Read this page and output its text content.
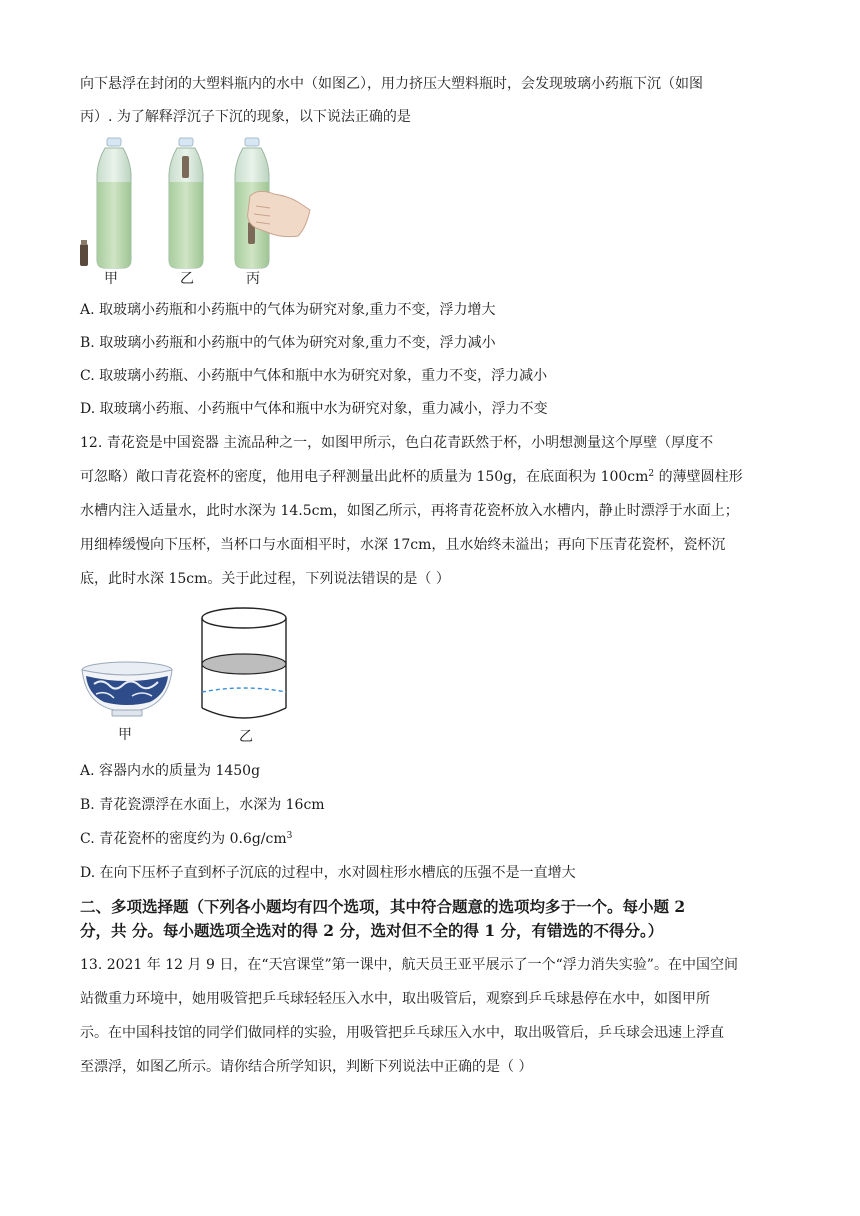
向下悬浮在封闭的大塑料瓶内的水中（如图乙），用力挤压大塑料瓶时，会发现玻璃小药瓶下沉（如图
丙）. 为了解释浮沉子下沉的现象，以下说法正确的是
甲	乙	丙
A. 取玻璃小药瓶和小药瓶中的气体为研究对象,重力不变，浮力增大
B. 取玻璃小药瓶和小药瓶中的气体为研究对象,重力不变，浮力减小
C. 取玻璃小药瓶、小药瓶中气体和瓶中水为研究对象，重力不变，浮力减小
D. 取玻璃小药瓶、小药瓶中气体和瓶中水为研究对象，重力减小，浮力不变
12. 青花瓷是中国瓷器 主流品种之一，如图甲所示，色白花青跃然于杯，小明想测量这个厚壁（厚度不
可忽略）敞口青花瓷杯的密度，他用电子秤测量出此杯的质量为 150g，在底面积为 $100cm^2$ 的薄壁圆柱形
水槽内注入适量水，此时水深为 14.5cm，如图乙所示，再将青花瓷杯放入水槽内，静止时漂浮于水面上；
用细棒缓慢向下压杯，当杯口与水面相平时，水深 17cm，且水始终未溢出；再向下压青花瓷杯，瓷杯沉
底，此时水深 15cm。关于此过程，下列说法错误的是（ ）
甲	乙
A. 容器内水的质量为 1450g
B. 青花瓷漂浮在水面上，水深为 16cm
C. 青花瓷杯的密度约为 $0.6g/cm^3$
D. 在向下压杯子直到杯子沉底的过程中，水对圆柱形水槽底的压强不是一直增大
二、多项选择题（下列各小题均有四个选项，其中符合题意的选项均多于一个。每小题 2
分，共 分。每小题选项全选对的得 2 分，选对但不全的得 1 分，有错选的不得分。）
13. 2021 年 12 月 9 日，在“天宫课堂”第一课中，航天员王亚平展示了一个“浮力消失实验”。在中国空间
站微重力环境中，她用吸管把乒乓球轻轻压入水中，取出吸管后，观察到乒乓球悬停在水中，如图甲所
示。在中国科技馆的同学们做同样的实验，用吸管把乒乓球压入水中，取出吸管后，乒乓球会迅速上浮直
至漂浮，如图乙所示。请你结合所学知识，判断下列说法中正确的是（ ）
